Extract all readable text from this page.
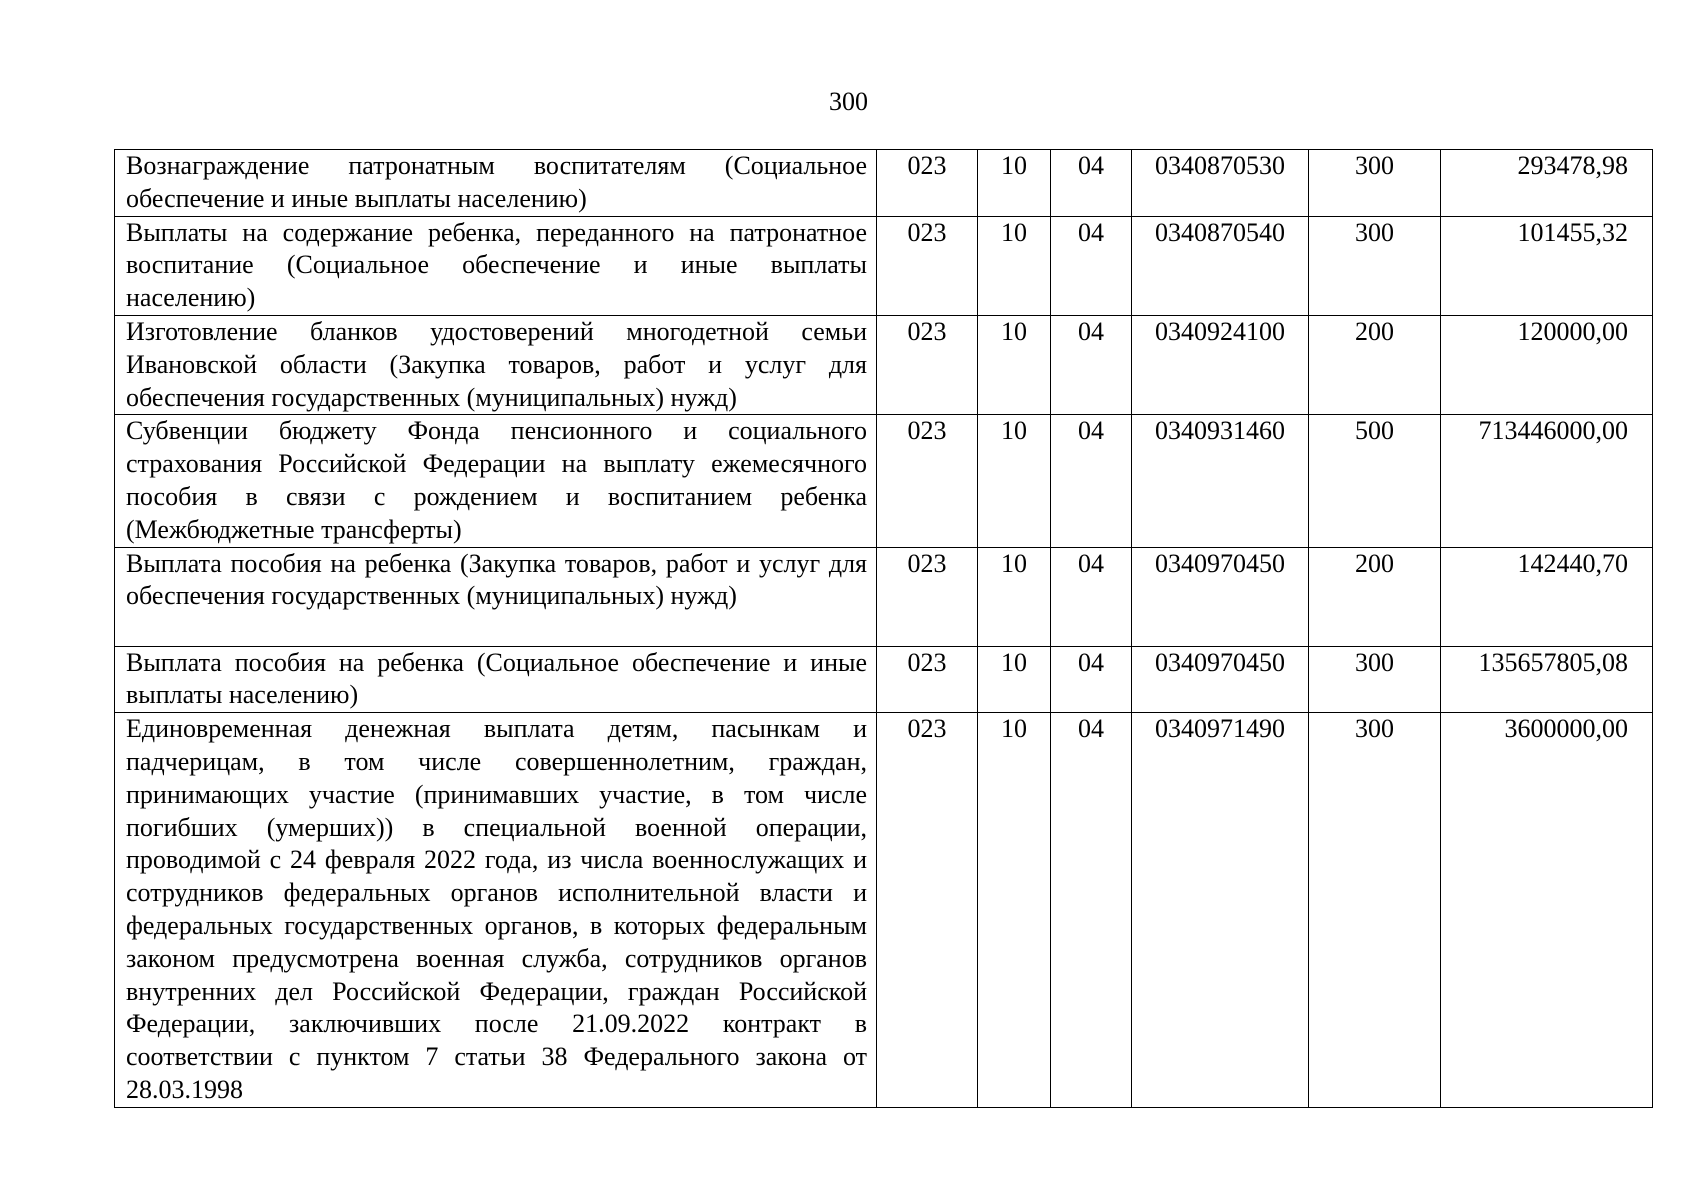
300
Вознаграждение патронатным воспитателям (Социальное обеспечение и иные выплаты населению)	023	10	04	0340870530	300	293478,98

Выплаты на содержание ребенка, переданного на патронатное воспитание (Социальное обеспечение и иные выплаты населению)	023	10	04	0340870540	300	101455,32

Изготовление бланков удостоверений многодетной семьи Ивановской области (Закупка товаров, работ и услуг для обеспечения государственных (муниципальных) нужд)	023	10	04	0340924100	200	120000,00

Субвенции бюджету Фонда пенсионного и социального страхования Российской Федерации на выплату ежемесячного пособия в связи с рождением и воспитанием ребенка (Межбюджетные трансферты)	023	10	04	0340931460	500	713446000,00

Выплата пособия на ребенка (Закупка товаров, работ и услуг для обеспечения государственных (муниципальных) нужд)	023	10	04	0340970450	200	142440,70

Выплата пособия на ребенка (Социальное обеспечение и иные выплаты населению)	023	10	04	0340970450	300	135657805,08

Единовременная денежная выплата детям, пасынкам и падчерицам, в том числе совершеннолетним, граждан, принимающих участие (принимавших участие, в том числе погибших (умерших)) в специальной военной операции, проводимой с 24 февраля 2022 года, из числа военнослужащих и сотрудников федеральных органов исполнительной власти и федеральных государственных органов, в которых федеральным законом предусмотрена военная служба, сотрудников органов внутренних дел Российской Федерации, граждан Российской Федерации, заключивших после 21.09.2022 контракт в соответствии с пунктом 7 статьи 38 Федерального закона от 28.03.1998	023	10	04	0340971490	300	3600000,00
